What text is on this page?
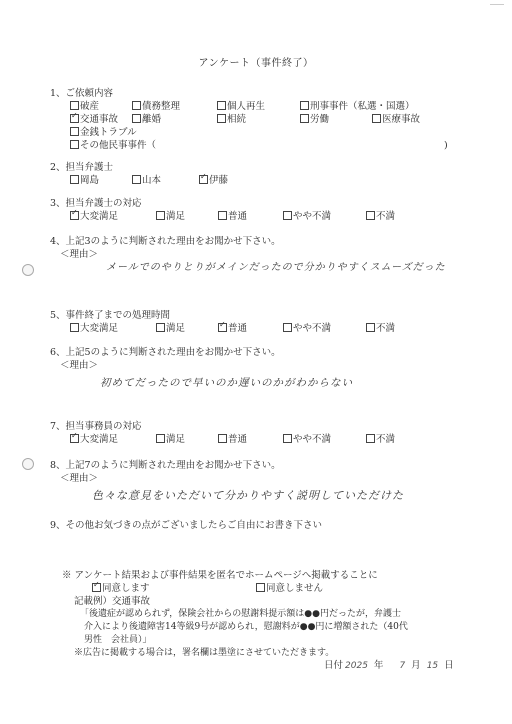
アンケート（事件終了）
1、ご依頼内容
破産	債務整理	個人再生	刑事事件（私選・国選）
✓交通事故	離婚	相続	労働	医療事故
金銭トラブル
その他民事事件（	)
2、担当弁護士
岡島	山本 ✓	伊藤
3、担当弁護士の対応
✓大変満足	満足	普通	やや不満	不満
4、上記3のように判断された理由をお聞かせ下さい。
＜理由＞
メールでのやりとりがメインだったので分かりやすくスムーズだった
5、事件終了までの処理時間
大変満足	満足 ✓	普通	やや不満	不満
6、上記5のように判断された理由をお聞かせ下さい。
＜理由＞
初めてだったので早いのか遅いのかがわからない
7、担当事務員の対応
✓大変満足	満足	普通	やや不満	不満
8、上記7のように判断された理由をお聞かせ下さい。
＜理由＞
色々な意見をいただいて分かりやすく説明していただけた
9、その他お気づきの点がございましたらご自由にお書き下さい
※ アンケート結果および事件結果を匿名でホームページへ掲載することに
✓同意します	同意しません
記載例）交通事故
「後遺症が認められず，保険会社からの慰謝料提示額は●●円だったが，弁護士
介入により後遺障害14等級9号が認められ，慰謝料が●●円に増額された（40代
男性　会社員）」
※広告に掲載する場合は，署名欄は墨塗にさせていただきます。
日付 2025 年 7 月 15 日
